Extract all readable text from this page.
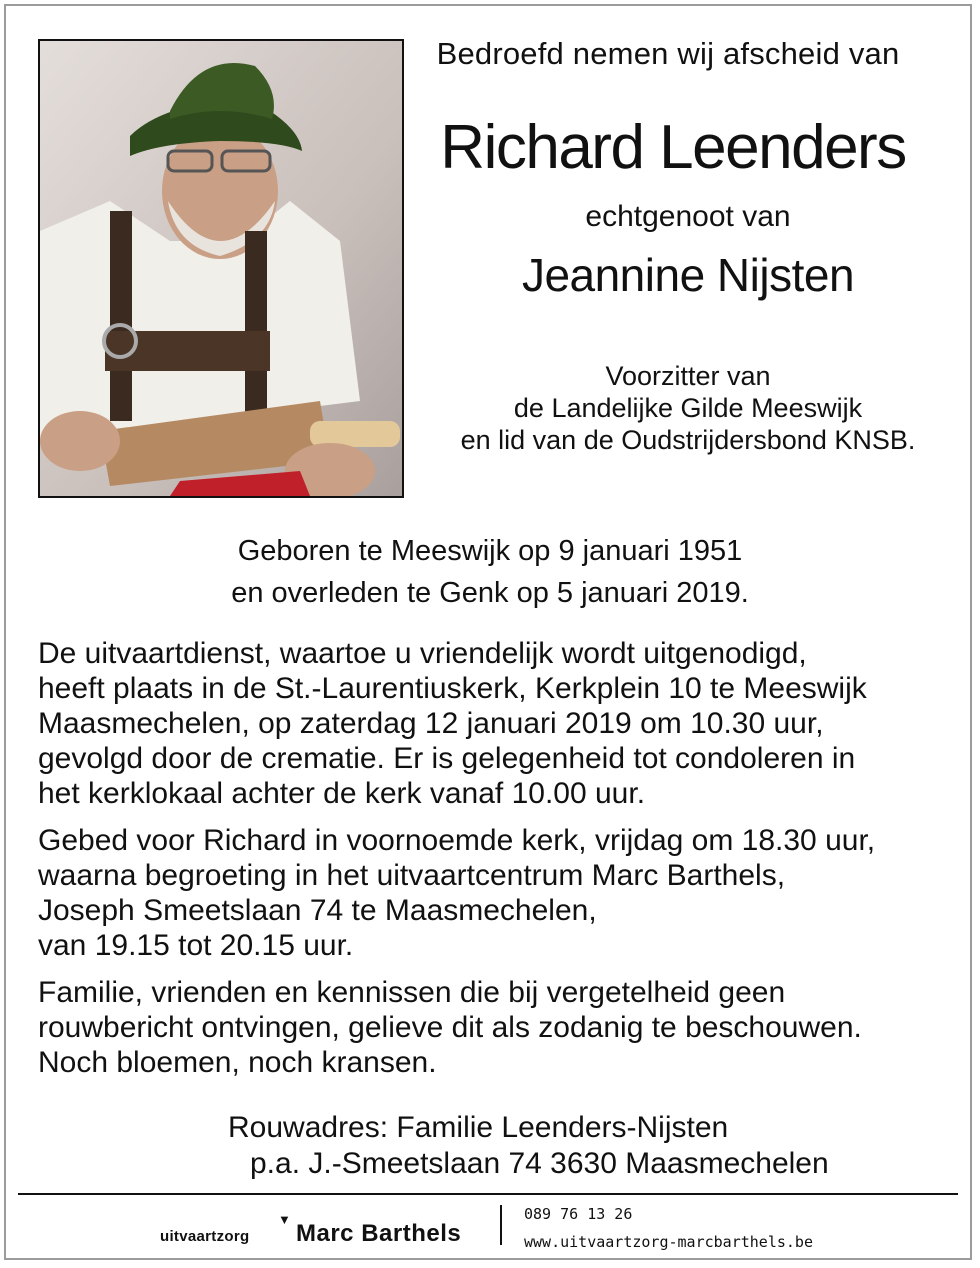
Bedroefd nemen wij afscheid van
Richard Leenders
echtgenoot van
Jeannine Nijsten
Voorzitter van
de Landelijke Gilde Meeswijk
en lid van de Oudstrijdersbond KNSB.
Geboren te Meeswijk op 9 januari 1951
en overleden te Genk op 5 januari 2019.
De uitvaartdienst, waartoe u vriendelijk wordt uitgenodigd,
heeft plaats in de St.-Laurentiuskerk, Kerkplein 10 te Meeswijk
Maasmechelen, op zaterdag 12 januari 2019 om 10.30 uur,
gevolgd door de crematie. Er is gelegenheid tot condoleren in
het kerklokaal achter de kerk vanaf 10.00 uur.
Gebed voor Richard in voornoemde kerk, vrijdag om 18.30 uur,
waarna begroeting in het uitvaartcentrum Marc Barthels,
Joseph Smeetslaan 74 te Maasmechelen,
van 19.15 tot 20.15 uur.
Familie, vrienden en kennissen die bij vergetelheid geen
rouwbericht ontvingen, gelieve dit als zodanig te beschouwen.
Noch bloemen, noch kransen.
Rouwadres: Familie Leenders-Nijsten
p.a. J.-Smeetslaan 74 3630 Maasmechelen
uitvaartzorg
▼
Marc Barthels
089 76 13 26
www.uitvaartzorg-marcbarthels.be
